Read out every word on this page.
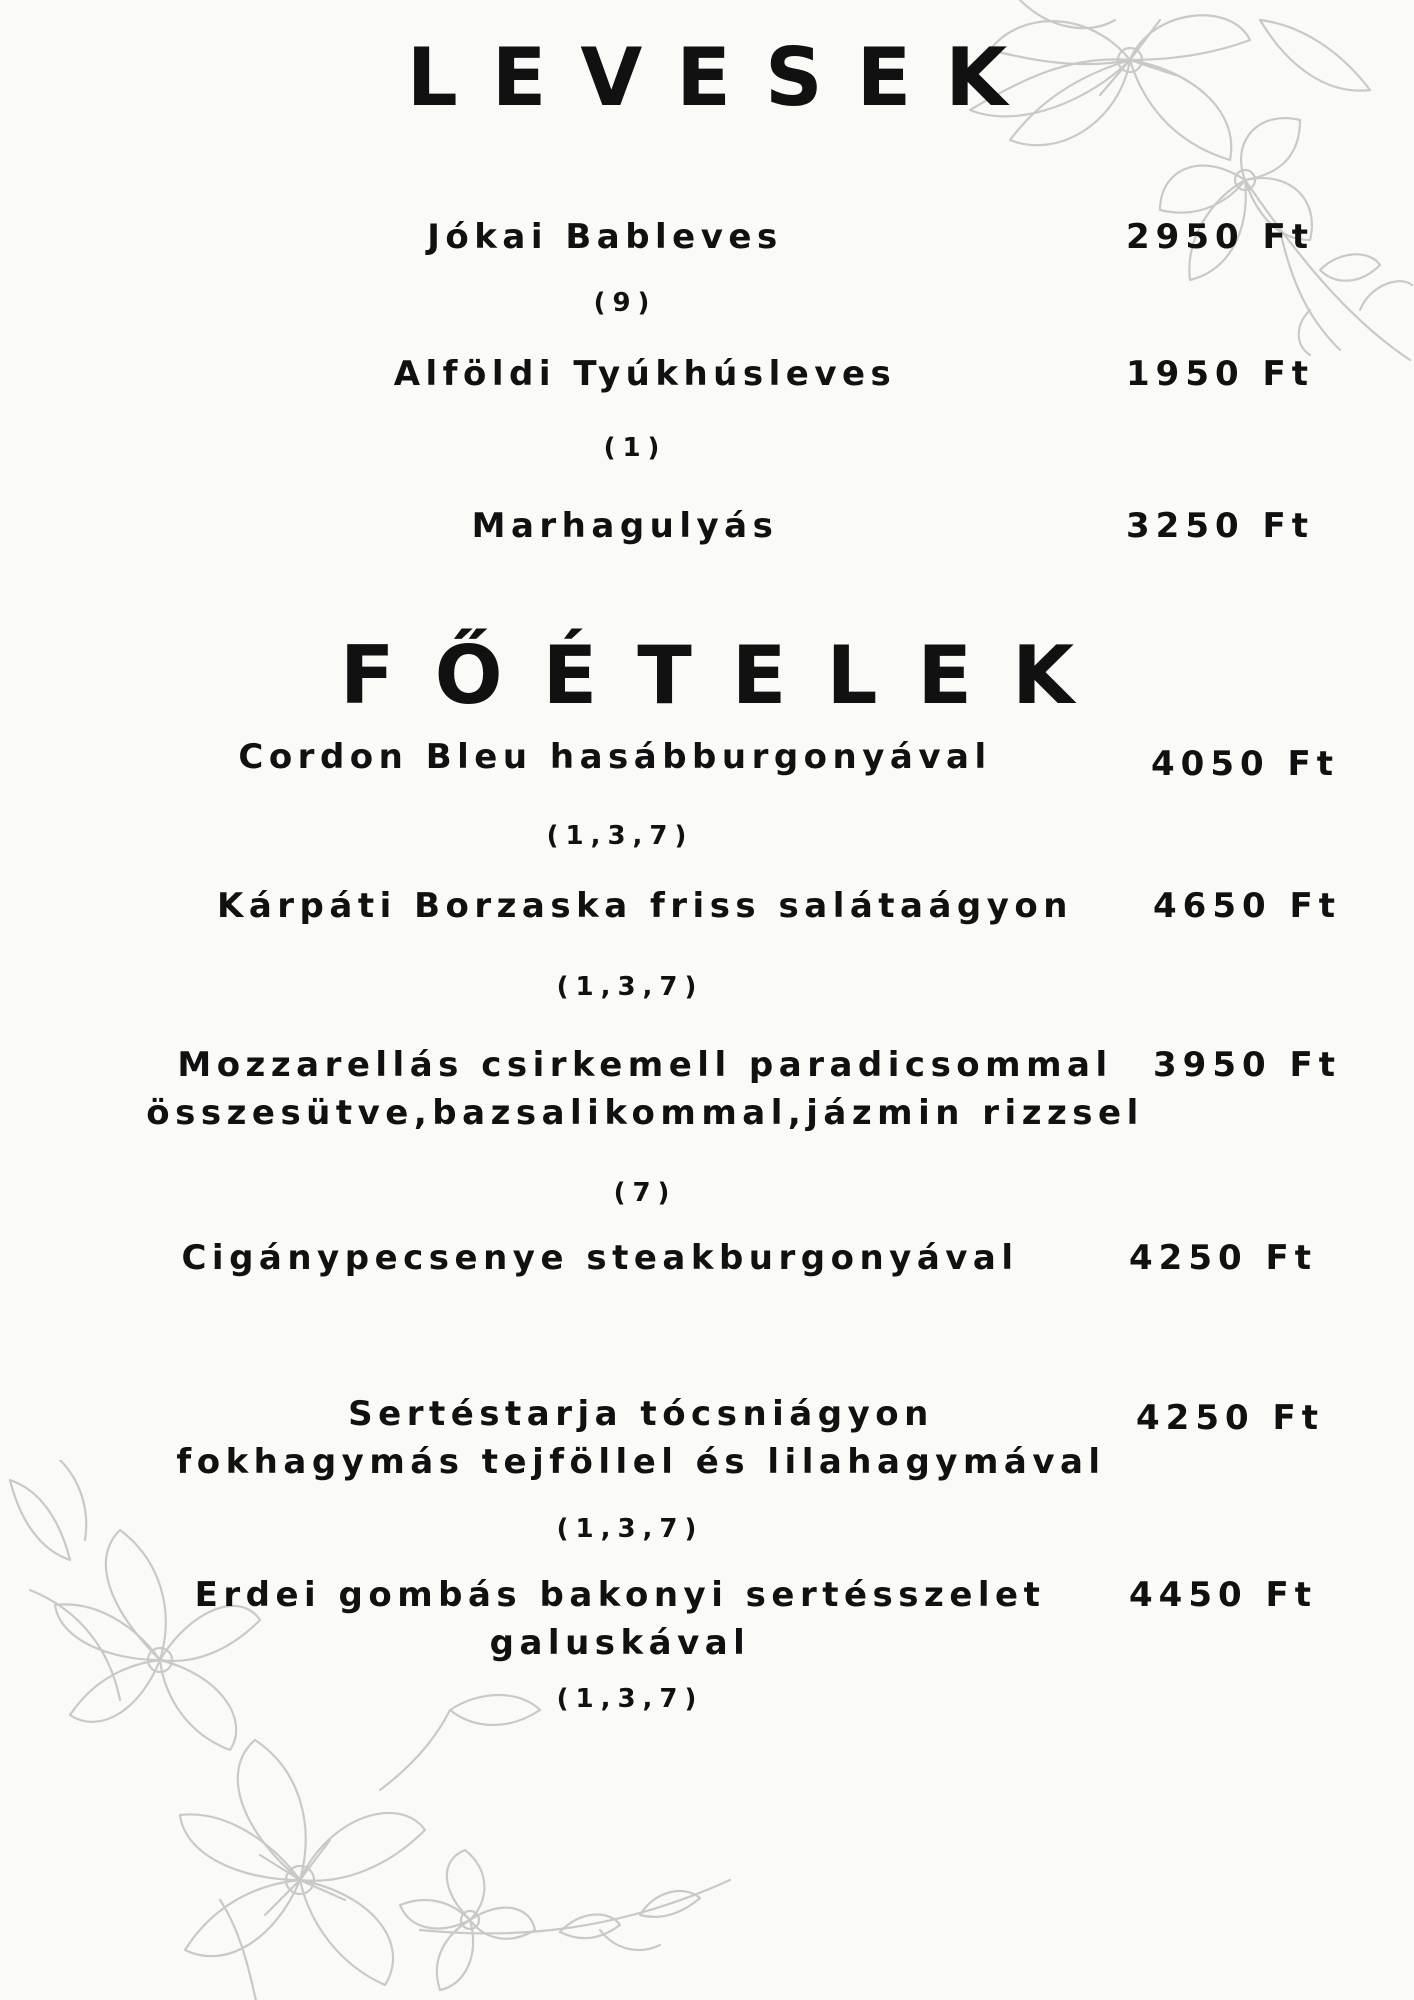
LEVESEK
Jókai Bableves
(9)
2950 Ft
Alföldi Tyúkhúsleves
(1)
1950 Ft
Marhagulyás	3250 Ft
FŐÉTELEK
Cordon Bleu hasábburgonyával
(1,3,7)
4050 Ft
Kárpáti Borzaska friss salátaágyon
(1,3,7)
4650 Ft
Mozzarellás csirkemell paradicsommal
összesütve,bazsalikommal,jázmin rizzsel
(7)
3950 Ft
Cigánypecsenye steakburgonyával	4250 Ft
Sertéstarja tócsniágyon
fokhagymás tejföllel és lilahagymával
(1,3,7)
4250 Ft
Erdei gombás bakonyi sertésszelet
galuskával
(1,3,7)
4450 Ft
